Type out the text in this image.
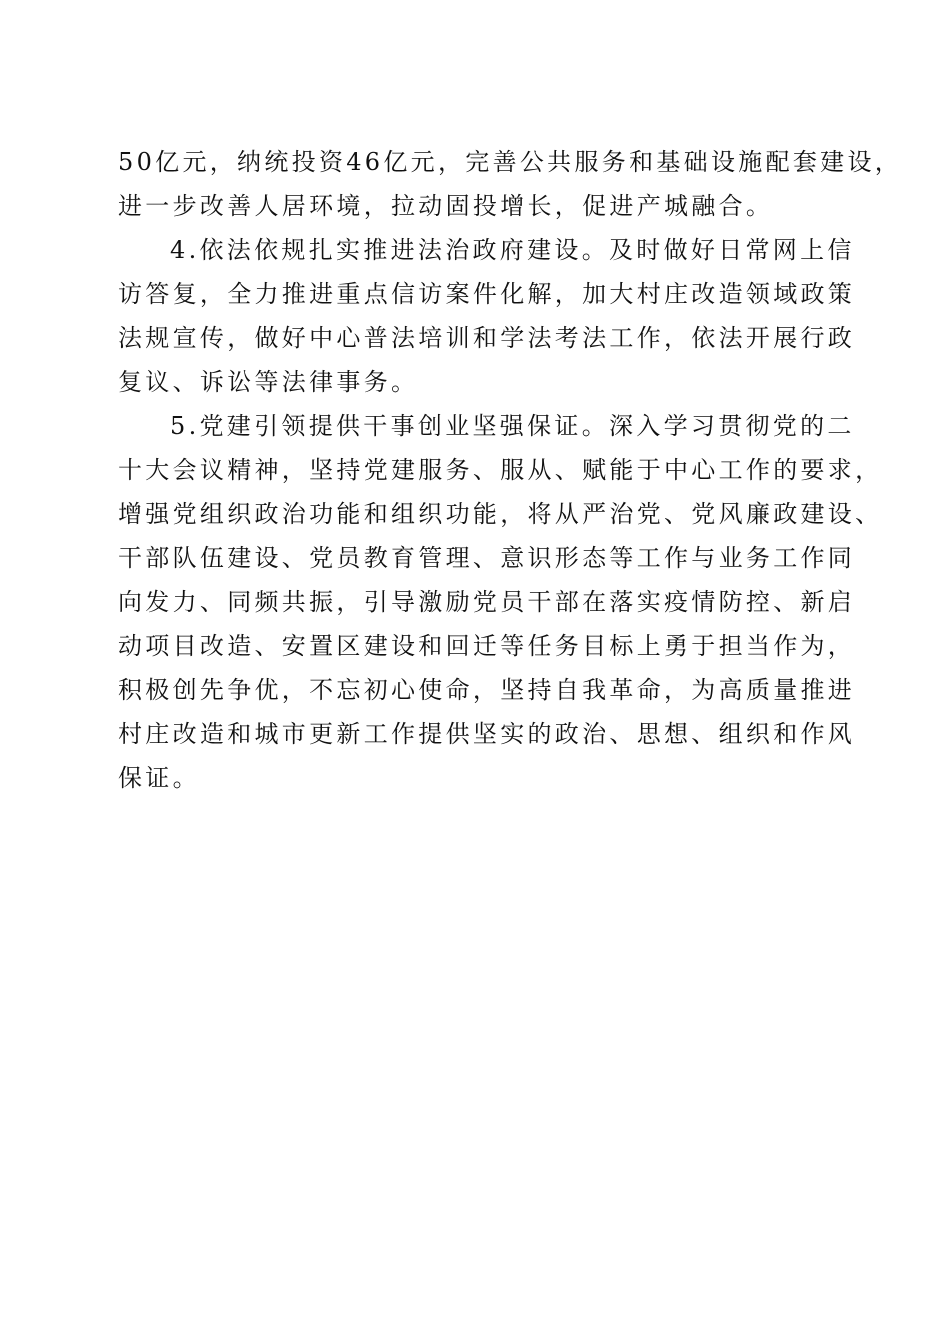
50亿元，纳统投资46亿元，完善公共服务和基础设施配套建设，
进一步改善人居环境，拉动固投增长，促进产城融合。
4.依法依规扎实推进法治政府建设。及时做好日常网上信
访答复，全力推进重点信访案件化解，加大村庄改造领域政策
法规宣传，做好中心普法培训和学法考法工作，依法开展行政
复议、诉讼等法律事务。
5.党建引领提供干事创业坚强保证。深入学习贯彻党的二
十大会议精神，坚持党建服务、服从、赋能于中心工作的要求，
增强党组织政治功能和组织功能，将从严治党、党风廉政建设、
干部队伍建设、党员教育管理、意识形态等工作与业务工作同
向发力、同频共振，引导激励党员干部在落实疫情防控、新启
动项目改造、安置区建设和回迁等任务目标上勇于担当作为，
积极创先争优，不忘初心使命，坚持自我革命，为高质量推进
村庄改造和城市更新工作提供坚实的政治、思想、组织和作风
保证。
